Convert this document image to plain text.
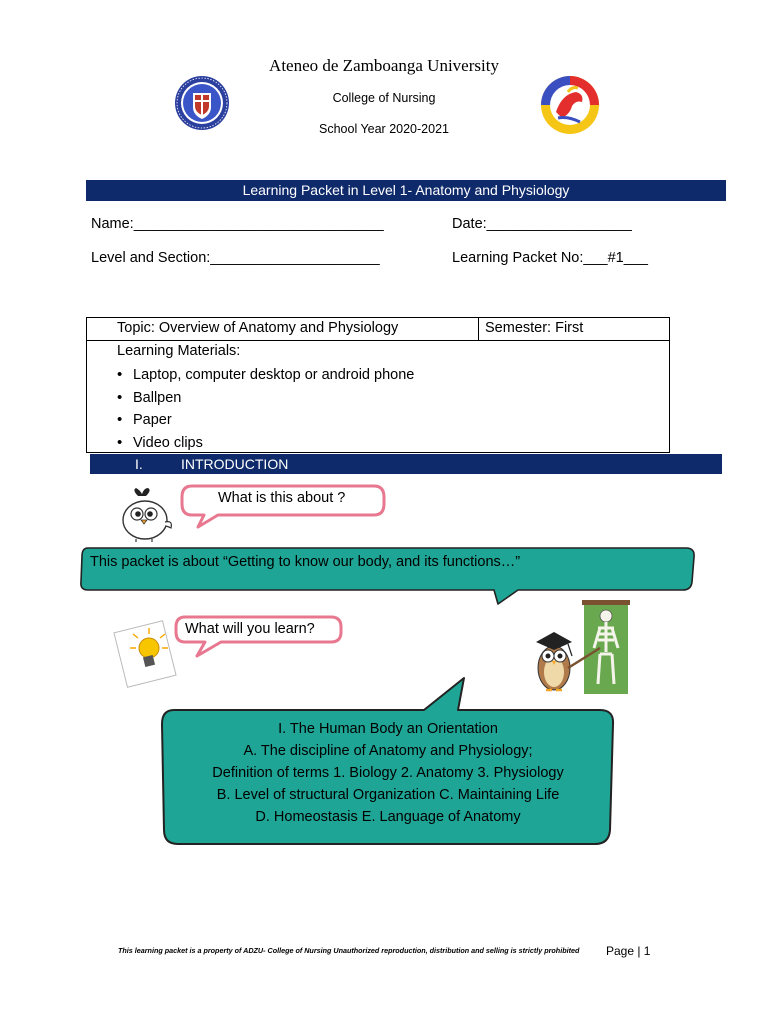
Ateneo de Zamboanga University
College of Nursing
School Year 2020-2021
Learning Packet in Level 1- Anatomy and Physiology
Name:_______________________________	Date:__________________
Level and Section:_____________________	Learning Packet No:___#1___
Topic: Overview of Anatomy and Physiology	Semester: First
Learning Materials:
• Laptop, computer desktop or android phone
• Ballpen
• Paper
• Video clips
I.	INTRODUCTION
What is this about ?
This packet is about “Getting to know our body, and its functions…”
What will you learn?
I. The Human Body an Orientation
A. The discipline of Anatomy and Physiology;
Definition of terms 1. Biology 2. Anatomy 3. Physiology
B. Level of structural Organization C. Maintaining Life
D. Homeostasis E. Language of Anatomy
This learning packet is a property of ADZU- College of Nursing Unauthorized reproduction, distribution and selling is strictly prohibited Page | 1
